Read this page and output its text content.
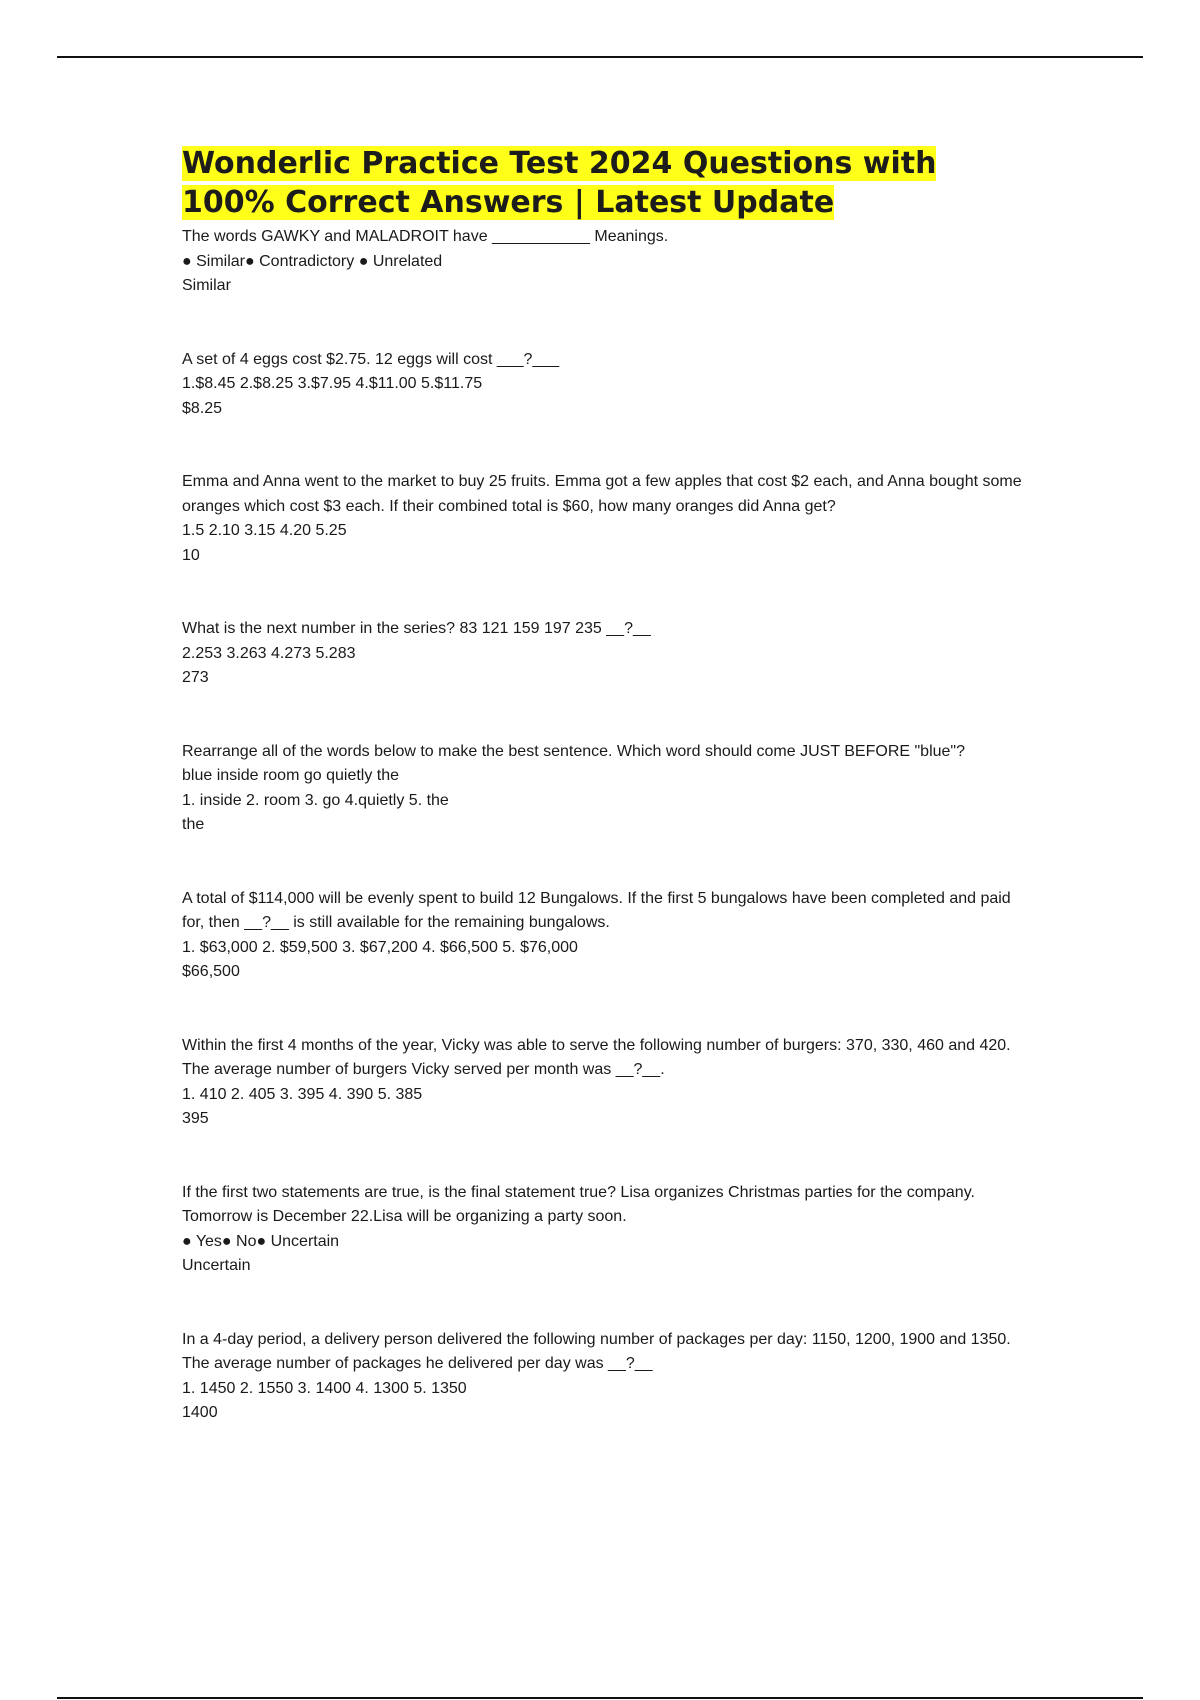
Wonderlic Practice Test 2024 Questions with 100% Correct Answers | Latest Update
The words GAWKY and MALADROIT have ___________ Meanings.
● Similar● Contradictory ● Unrelated
Similar
A set of 4 eggs cost $2.75. 12 eggs will cost ___?___
1.$8.45 2.$8.25 3.$7.95 4.$11.00 5.$11.75
$8.25
Emma and Anna went to the market to buy 25 fruits. Emma got a few apples that cost $2 each, and Anna bought some oranges which cost $3 each. If their combined total is $60, how many oranges did Anna get?
1.5 2.10 3.15 4.20 5.25
10
What is the next number in the series? 83 121 159 197 235 __?__
2.253 3.263 4.273 5.283
273
Rearrange all of the words below to make the best sentence. Which word should come JUST BEFORE "blue"?
blue inside room go quietly the
1. inside 2. room 3. go 4.quietly 5. the
the
A total of $114,000 will be evenly spent to build 12 Bungalows. If the first 5 bungalows have been completed and paid for, then __?__ is still available for the remaining bungalows.
1. $63,000 2. $59,500 3. $67,200 4. $66,500 5. $76,000
$66,500
Within the first 4 months of the year, Vicky was able to serve the following number of burgers: 370, 330, 460 and 420. The average number of burgers Vicky served per month was __?__.
1. 410 2. 405 3. 395 4. 390 5. 385
395
If the first two statements are true, is the final statement true? Lisa organizes Christmas parties for the company.
Tomorrow is December 22.Lisa will be organizing a party soon.
● Yes● No● Uncertain
Uncertain
In a 4-day period, a delivery person delivered the following number of packages per day: 1150, 1200, 1900 and 1350. The average number of packages he delivered per day was __?__
1. 1450 2. 1550 3. 1400 4. 1300 5. 1350
1400
